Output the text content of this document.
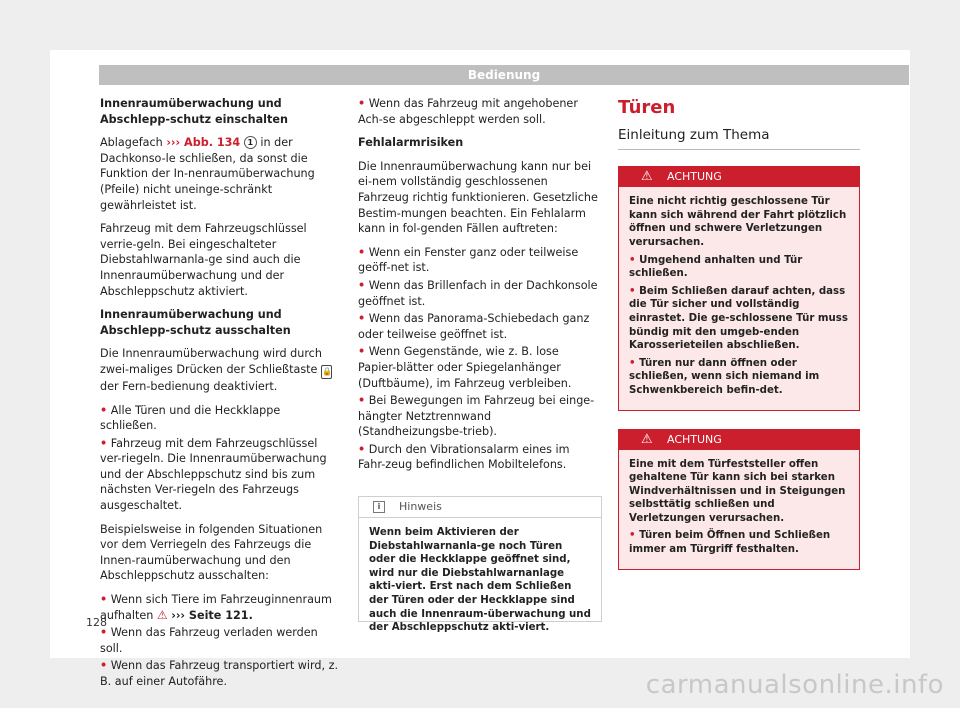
Bedienung

Innenraumüberwachung und Abschlepp-schutz einschalten

Ablagefach ››› Abb. 134 1 in der Dachkonso-le schließen, da sonst die Funktion der In-nenraumüberwachung (Pfeile) nicht uneinge-schränkt gewährleistet ist.

Fahrzeug mit dem Fahrzeugschlüssel verrie-geln. Bei eingeschalteter Diebstahlwarnanla-ge sind auch die Innenraumüberwachung und der Abschleppschutz aktiviert.

Innenraumüberwachung und Abschlepp-schutz ausschalten

Die Innenraumüberwachung wird durch zwei-maliges Drücken der Schließtaste 🔒 der Fern-bedienung deaktiviert.

• Alle Türen und die Heckklappe schließen.

• Fahrzeug mit dem Fahrzeugschlüssel ver-riegeln. Die Innenraumüberwachung und der Abschleppschutz sind bis zum nächsten Ver-riegeln des Fahrzeugs ausgeschaltet.

Beispielsweise in folgenden Situationen vor dem Verriegeln des Fahrzeugs die Innen-raumüberwachung und den Abschleppschutz ausschalten:

• Wenn sich Tiere im Fahrzeuginnenraum aufhalten ⚠ ››› Seite 121.

• Wenn das Fahrzeug verladen werden soll.

• Wenn das Fahrzeug transportiert wird, z. B. auf einer Autofähre.

• Wenn das Fahrzeug mit angehobener Ach-se abgeschleppt werden soll.

Fehlalarmrisiken

Die Innenraumüberwachung kann nur bei ei-nem vollständig geschlossenen Fahrzeug richtig funktionieren. Gesetzliche Bestim-mungen beachten. Ein Fehlalarm kann in fol-genden Fällen auftreten:

• Wenn ein Fenster ganz oder teilweise geöff-net ist.

• Wenn das Brillenfach in der Dachkonsole geöffnet ist.

• Wenn das Panorama-Schiebedach ganz oder teilweise geöffnet ist.

• Wenn Gegenstände, wie z. B. lose Papier-blätter oder Spiegelanhänger (Duftbäume), im Fahrzeug verbleiben.

• Bei Bewegungen im Fahrzeug bei einge-hängter Netztrennwand (Standheizungsbe-trieb).

• Durch den Vibrationsalarm eines im Fahr-zeug befindlichen Mobiltelefons.

i	Hinweis
Wenn beim Aktivieren der Diebstahlwarnanla-ge noch Türen oder die Heckklappe geöffnet sind, wird nur die Diebstahlwarnanlage akti-viert. Erst nach dem Schließen der Türen oder der Heckklappe sind auch die Innenraum-überwachung und der Abschleppschutz akti-viert.
Türen
Einleitung zum Thema
⚠ ACHTUNG

Eine nicht richtig geschlossene Tür kann sich während der Fahrt plötzlich öffnen und schwere Verletzungen verursachen.

• Umgehend anhalten und Tür schließen.

• Beim Schließen darauf achten, dass die Tür sicher und vollständig einrastet. Die ge-schlossene Tür muss bündig mit den umgeb-enden Karosserieteilen abschließen.

• Türen nur dann öffnen oder schließen, wenn sich niemand im Schwenkbereich befin-det.

⚠ ACHTUNG

Eine mit dem Türfeststeller offen gehaltene Tür kann sich bei starken Windverhältnissen und in Steigungen selbsttätig schließen und Verletzungen verursachen.

• Türen beim Öffnen und Schließen immer am Türgriff festhalten.

128
carmanualsonline.info
